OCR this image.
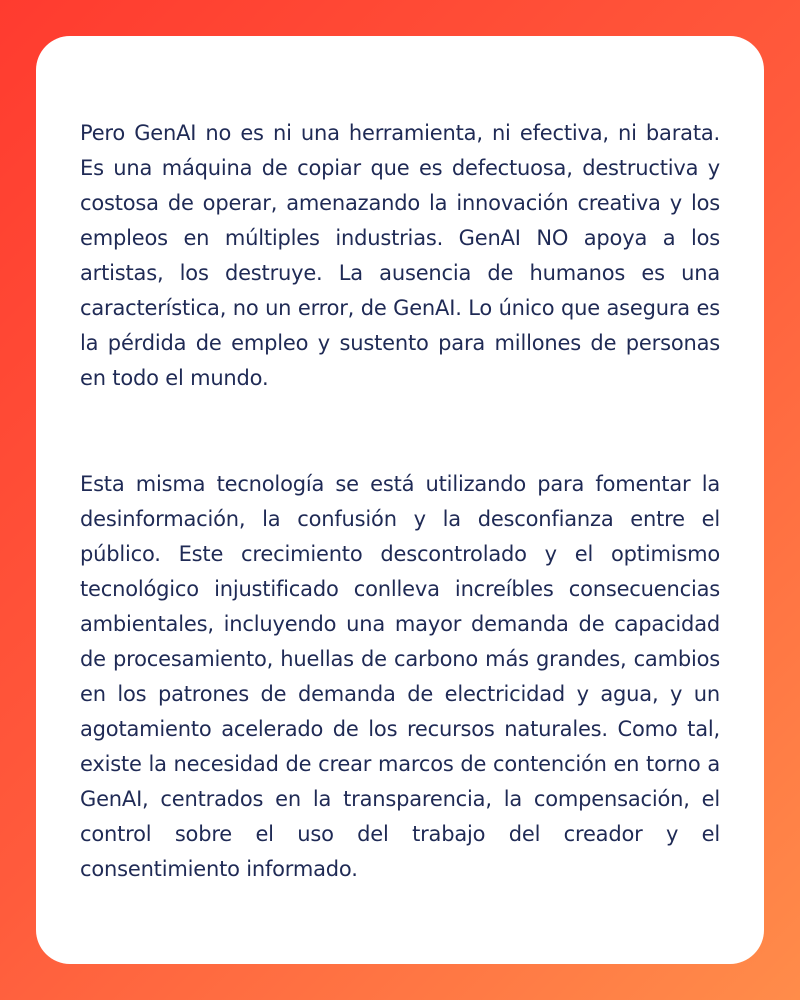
Pero GenAI no es ni una herramienta, ni efectiva, ni barata. Es una máquina de copiar que es defectuosa, destructiva y costosa de operar, amenazando la innovación creativa y los empleos en múltiples industrias. GenAI NO apoya a los artistas, los destruye. La ausencia de humanos es una característica, no un error, de GenAI. Lo único que asegura es la pérdida de empleo y sustento para millones de personas en todo el mundo.

Esta misma tecnología se está utilizando para fomentar la desinformación, la confusión y la desconfianza entre el público. Este crecimiento descontrolado y el optimismo tecnológico injustificado conlleva increíbles consecuencias ambientales, incluyendo una mayor demanda de capacidad de procesamiento, huellas de carbono más grandes, cambios en los patrones de demanda de electricidad y agua, y un agotamiento acelerado de los recursos naturales. Como tal, existe la necesidad de crear marcos de contención en torno a GenAI, centrados en la transparencia, la compensación, el control sobre el uso del trabajo del creador y el consentimiento informado.
